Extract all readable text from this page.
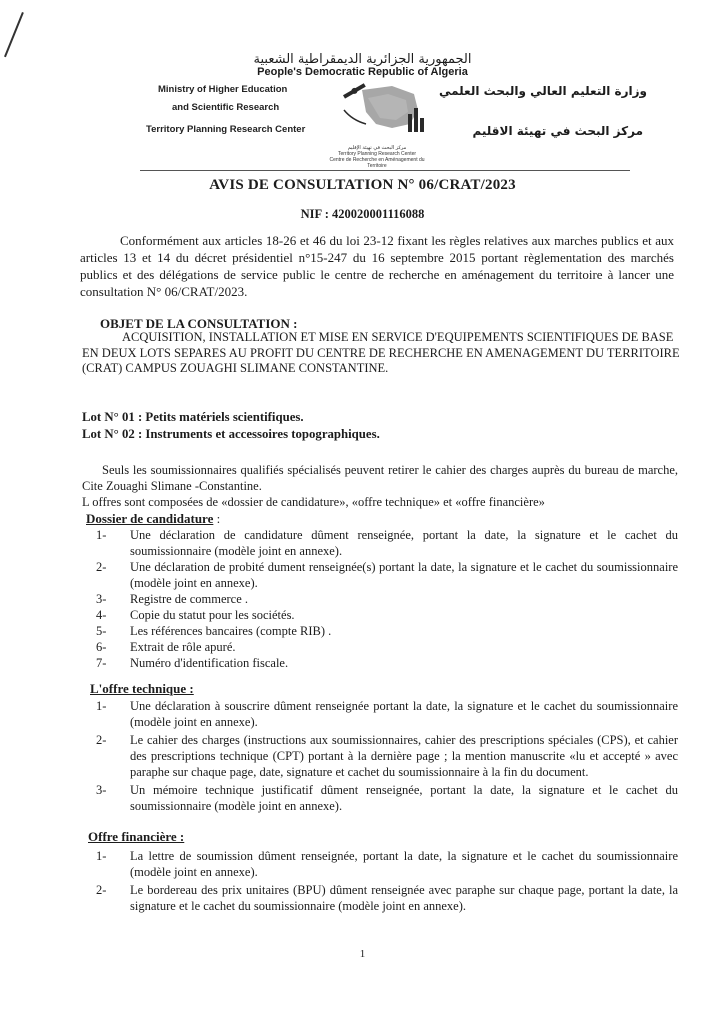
الجمهورية الجزائرية الديمقراطية الشعبية
People's Democratic Republic of Algeria
Ministry of Higher Education
and Scientific Research
Territory Planning Research Center
وزارة التعليم العالي والبحث العلمي
مركز البحث في تهيئة الاقليم
مركز البحث في تهيئة الإقليم
Territory Planning Research Center
Centre de Recherche en Aménagement du Territoire
AVIS DE CONSULTATION N° 06/CRAT/2023
NIF : 420020001116088

Conformément aux articles 18-26 et 46 du loi 23-12 fixant les règles relatives aux marches publics et aux articles 13 et 14 du décret présidentiel n°15-247 du 16 septembre 2015 portant règlementation des marchés publics et des délégations de service public le centre de recherche en aménagement du territoire à lancer une consultation N° 06/CRAT/2023.

OBJET DE LA CONSULTATION :

ACQUISITION, INSTALLATION ET MISE EN SERVICE D'EQUIPEMENTS SCIENTIFIQUES DE BASE EN DEUX LOTS SEPARES AU PROFIT DU CENTRE DE RECHERCHE EN AMENAGEMENT DU TERRITOIRE (CRAT) CAMPUS ZOUAGHI SLIMANE CONSTANTINE.

Lot N° 01 : Petits matériels scientifiques.
Lot N° 02 : Instruments et accessoires topographiques.

Seuls les soumissionnaires qualifiés spécialisés peuvent retirer le cahier des charges auprès du bureau de marche, Cite Zouaghi Slimane -Constantine.

L offres sont composées de «dossier de candidature», «offre technique» et «offre financière»

Dossier de candidature :
1-	Une déclaration de candidature dûment renseignée, portant la date, la signature et le cachet du soumissionnaire (modèle joint en annexe).
2-	Une déclaration de probité dument renseignée(s) portant la date, la signature et le cachet du soumissionnaire (modèle joint en annexe).
3-	Registre de commerce .
4-	Copie du statut pour les sociétés.
5-	Les références bancaires (compte RIB) .
6-	Extrait de rôle apuré.
7-	Numéro d'identification fiscale.
L'offre technique :
1-	Une déclaration à souscrire dûment renseignée portant la date, la signature et le cachet du soumissionnaire (modèle joint en annexe).
2-	Le cahier des charges (instructions aux soumissionnaires, cahier des prescriptions spéciales (CPS), et cahier des prescriptions technique (CPT) portant à la dernière page ; la mention manuscrite «lu et accepté » avec paraphe sur chaque page, date, signature et cachet du soumissionnaire à la fin du document.
3-	Un mémoire technique justificatif dûment renseignée, portant la date, la signature et le cachet du soumissionnaire (modèle joint en annexe).
Offre financière :
1-	La lettre de soumission dûment renseignée, portant la date, la signature et le cachet du soumissionnaire (modèle joint en annexe).
2-	Le bordereau des prix unitaires (BPU) dûment renseignée avec paraphe sur chaque page, portant la date, la signature et le cachet du soumissionnaire (modèle joint en annexe).
1
